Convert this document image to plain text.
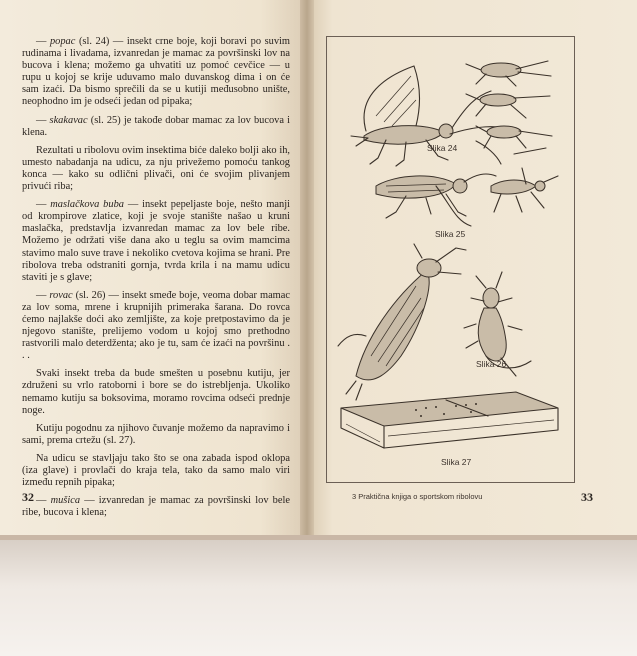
— popac (sl. 24) — insekt crne boje, koji boravi po suvim rudinama i livadama, izvanredan je mamac za površinski lov na bucova i klena; možemo ga uhvatiti uz pomoć cevčice — u rupu u kojoj se krije uduvamo malo duvanskog dima i on će sam izaći. Da bismo sprečili da se u kutiji međusobno unište, neophodno im je odseći jedan od pipaka;

— skakavac (sl. 25) je takođe dobar mamac za lov bucova i klena.

Rezultati u ribolovu ovim insektima biće daleko bolji ako ih, umesto nabadanja na udicu, za nju privežemo pomoću tankog konca — kako su odlični plivači, oni će svojim plivanjem privući riba;

— maslačkova buba — insekt pepeljaste boje, nešto manji od krompirove zlatice, koji je svoje stanište našao u kruni maslačka, predstavlja izvanredan mamac za lov bele ribe. Možemo je održati više dana ako u teglu sa ovim mamcima stavimo malo suve trave i nekoliko cvetova kojima se hrani. Pre ribolova treba odstraniti gornja, tvrda krila i na mamu udicu staviti je s glave;

— rovac (sl. 26) — insekt smeđe boje, veoma dobar mamac za lov soma, mrene i krupnijih primeraka šarana. Do rovca ćemo najlakše doći ako zemljište, za koje pretpostavimo da je njegovo stanište, prelijemo vodom u kojoj smo prethodno rastvorili malo deterdženta; ako je tu, sam će izaći na površinu . . .

Svaki insekt treba da bude smešten u posebnu kutiju, jer združeni su vrlo ratoborni i bore se do istrebljenja. Ukoliko nemamo kutiju sa boksovima, moramo rovcima odseći prednje noge.

Kutiju pogodnu za njihovo čuvanje možemo da napravimo i sami, prema crtežu (sl. 27).

Na udicu se stavljaju tako što se ona zabada ispod oklopa (iza glave) i provlači do kraja tela, tako da samo malo viri između repnih pipaka;

— mušica — izvanredan je mamac za površinski lov bele ribe, bucova i klena;

32	33
3 Praktična knjiga o sportskom ribolovu
Slika 24
Slika 25
Slika 26
Slika 27
